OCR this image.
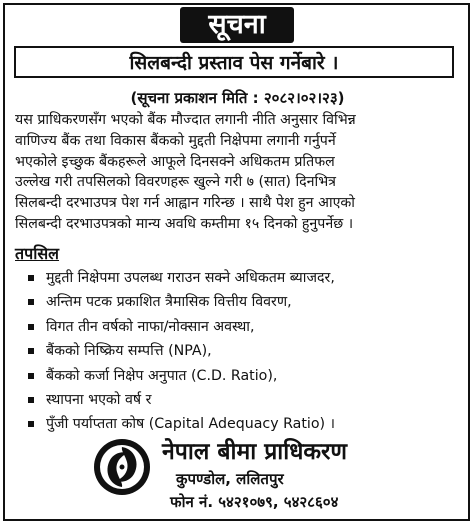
सूचना
सिलबन्दी प्रस्ताव पेस गर्नेबारे ।
(सूचना प्रकाशन मिति : २०८२।०२।२३)
यस प्राधिकरणसँग भएको बैंक मौज्दात लगानी नीति अनुसार विभिन्न
वाणिज्य बैंक तथा विकास बैंकको मुद्दती निक्षेपमा लगानी गर्नुपर्ने
भएकोले इच्छुक बैंकहरूले आफूले दिनसक्ने अधिकतम प्रतिफल
उल्लेख गरी तपसिलको विवरणहरू खुल्ने गरी ७ (सात) दिनभित्र
सिलबन्दी दरभाउपत्र पेश गर्न आह्वान गरिन्छ । साथै पेश हुन आएको
सिलबन्दी दरभाउपत्रको मान्य अवधि कम्तीमा १५ दिनको हुनुपर्नेछ ।
तपसिल
मुद्दती निक्षेपमा उपलब्ध गराउन सक्ने अधिकतम ब्याजदर,
अन्तिम पटक प्रकाशित त्रैमासिक वित्तीय विवरण,
विगत तीन वर्षको नाफा/नोक्सान अवस्था,
बैंकको निष्क्रिय सम्पत्ति (NPA),
बैंकको कर्जा निक्षेप अनुपात (C.D. Ratio),
स्थापना भएको वर्ष र
पुँजी पर्याप्तता कोष (Capital Adequacy Ratio) ।
नेपाल बीमा प्राधिकरण
कुपण्डोल, ललितपुर
फोन नं. ५४२१०७९, ५४२८६०४
